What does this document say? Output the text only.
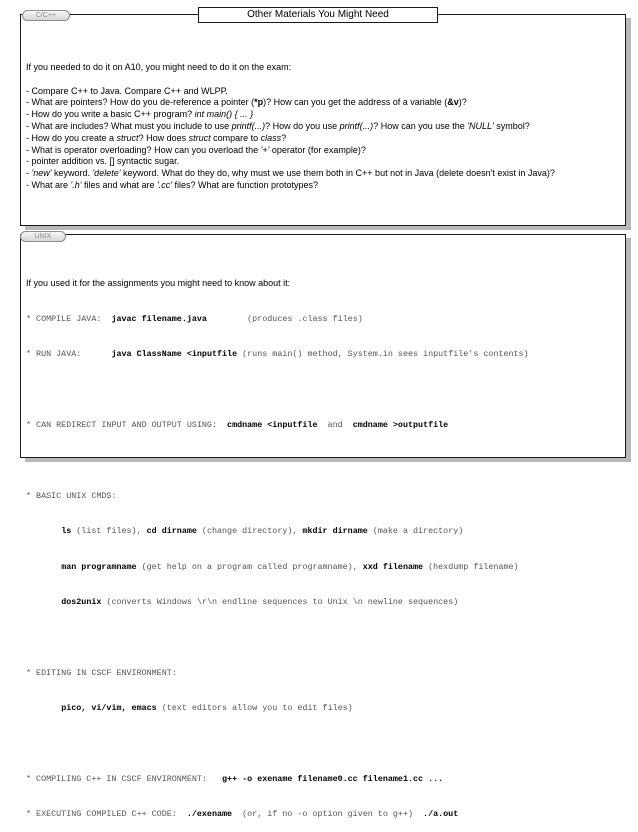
C/C++	Other Materials You Might Need
If you needed to do it on A10, you might need to do it on the exam:
- Compare C++ to Java. Compare C++ and WLPP.
- What are pointers? How do you de-reference a pointer (*p)? How can you get the address of a variable (&v)?
- How do you write a basic C++ program? int main() { ... }
- What are includes? What must you include to use printf(...)? How do you use printf(...)? How can you use the 'NULL' symbol?
- How do you create a struct? How does struct compare to class?
- What is operator overloading? How can you overload the '+' operator (for example)?
- pointer addition vs. [] syntactic sugar.
- 'new' keyword. 'delete' keyword. What do they do, why must we use them both in C++ but not in Java (delete doesn't exist in Java)?
- What are '.h' files and what are '.cc' files? What are function prototypes?
UNIX

If you used it for the assignments you might need to know about it:

* COMPILE JAVA:  javac filename.java        (produces .class files)

* RUN JAVA:      java ClassName <inputfile (runs main() method, System.in sees inputfile's contents)

* CAN REDIRECT INPUT AND OUTPUT USING:  cmdname <inputfile  and  cmdname >outputfile

* BASIC UNIX CMDS:

ls (list files), cd dirname (change directory), mkdir dirname (make a directory)

man programname (get help on a program called programname), xxd filename (hexdump filename)

dos2unix (converts Windows \r\n endline sequences to Unix \n newline sequences)

* EDITING IN CSCF ENVIRONMENT:

pico, vi/vim, emacs (text editors allow you to edit files)

* COMPILING C++ IN CSCF ENVIRONMENT:   g++ -o exename filename0.cc filename1.cc ...

* EXECUTING COMPILED C++ CODE:  ./exename  (or, if no -o option given to g++)  ./a.out
